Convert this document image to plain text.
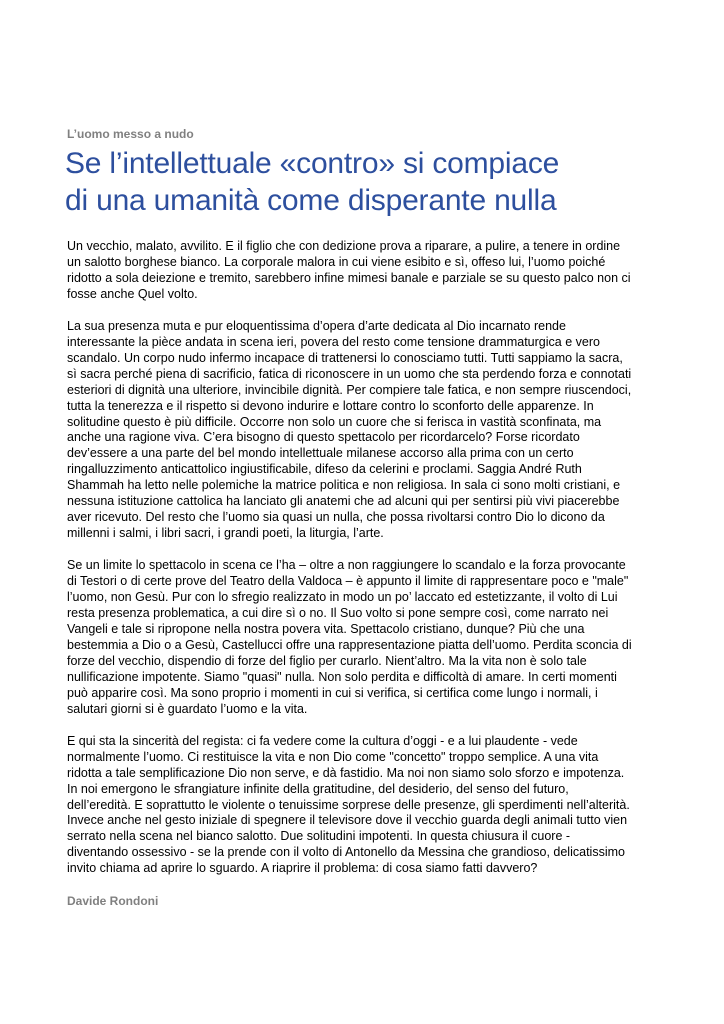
L’uomo messo a nudo

Se l’intellettuale «contro» si compiace
di una umanità come disperante nulla

Un vecchio, malato, avvilito. E il figlio che con dedizione prova a riparare, a pulire, a tenere in ordine
un salotto borghese bianco. La corporale malora in cui viene esibito e sì, offeso lui, l’uomo poiché
ridotto a sola deiezione e tremito, sarebbero infine mimesi banale e parziale se su questo palco non ci
fosse anche Quel volto.

La sua presenza muta e pur eloquentissima d’opera d’arte dedicata al Dio incarnato rende
interessante la pièce andata in scena ieri, povera del resto come tensione drammaturgica e vero
scandalo. Un corpo nudo infermo incapace di trattenersi lo conosciamo tutti. Tutti sappiamo la sacra,
sì sacra perché piena di sacrificio, fatica di riconoscere in un uomo che sta perdendo forza e connotati
esteriori di dignità una ulteriore, invincibile dignità. Per compiere tale fatica, e non sempre riuscendoci,
tutta la tenerezza e il rispetto si devono indurire e lottare contro lo sconforto delle apparenze. In
solitudine questo è più difficile. Occorre non solo un cuore che si ferisca in vastità sconfinata, ma
anche una ragione viva. C’era bisogno di questo spettacolo per ricordarcelo? Forse ricordato
dev’essere a una parte del bel mondo intellettuale milanese accorso alla prima con un certo
ringalluzzimento anticattolico ingiustificabile, difeso da celerini e proclami. Saggia André Ruth
Shammah ha letto nelle polemiche la matrice politica e non religiosa. In sala ci sono molti cristiani, e
nessuna istituzione cattolica ha lanciato gli anatemi che ad alcuni qui per sentirsi più vivi piacerebbe
aver ricevuto. Del resto che l’uomo sia quasi un nulla, che possa rivoltarsi contro Dio lo dicono da
millenni i salmi, i libri sacri, i grandi poeti, la liturgia, l’arte.

Se un limite lo spettacolo in scena ce l’ha – oltre a non raggiungere lo scandalo e la forza provocante
di Testori o di certe prove del Teatro della Valdoca – è appunto il limite di rappresentare poco e "male"
l’uomo, non Gesù. Pur con lo sfregio realizzato in modo un po’ laccato ed estetizzante, il volto di Lui
resta presenza problematica, a cui dire sì o no. Il Suo volto si pone sempre così, come narrato nei
Vangeli e tale si ripropone nella nostra povera vita. Spettacolo cristiano, dunque? Più che una
bestemmia a Dio o a Gesù, Castellucci offre una rappresentazione piatta dell’uomo. Perdita sconcia di
forze del vecchio, dispendio di forze del figlio per curarlo. Nient’altro. Ma la vita non è solo tale
nullificazione impotente. Siamo "quasi" nulla. Non solo perdita e difficoltà di amare. In certi momenti
può apparire così. Ma sono proprio i momenti in cui si verifica, si certifica come lungo i normali, i
salutari giorni si è guardato l’uomo e la vita.

E qui sta la sincerità del regista: ci fa vedere come la cultura d’oggi - e a lui plaudente - vede
normalmente l’uomo. Ci restituisce la vita e non Dio come "concetto" troppo semplice. A una vita
ridotta a tale semplificazione Dio non serve, e dà fastidio. Ma noi non siamo solo sforzo e impotenza.
In noi emergono le sfrangiature infinite della gratitudine, del desiderio, del senso del futuro,
dell’eredità. E soprattutto le violente o tenuissime sorprese delle presenze, gli sperdimenti nell’alterità.
Invece anche nel gesto iniziale di spegnere il televisore dove il vecchio guarda degli animali tutto vien
serrato nella scena nel bianco salotto. Due solitudini impotenti. In questa chiusura il cuore -
diventando ossessivo - se la prende con il volto di Antonello da Messina che grandioso, delicatissimo
invito chiama ad aprire lo sguardo. A riaprire il problema: di cosa siamo fatti davvero?

Davide Rondoni
